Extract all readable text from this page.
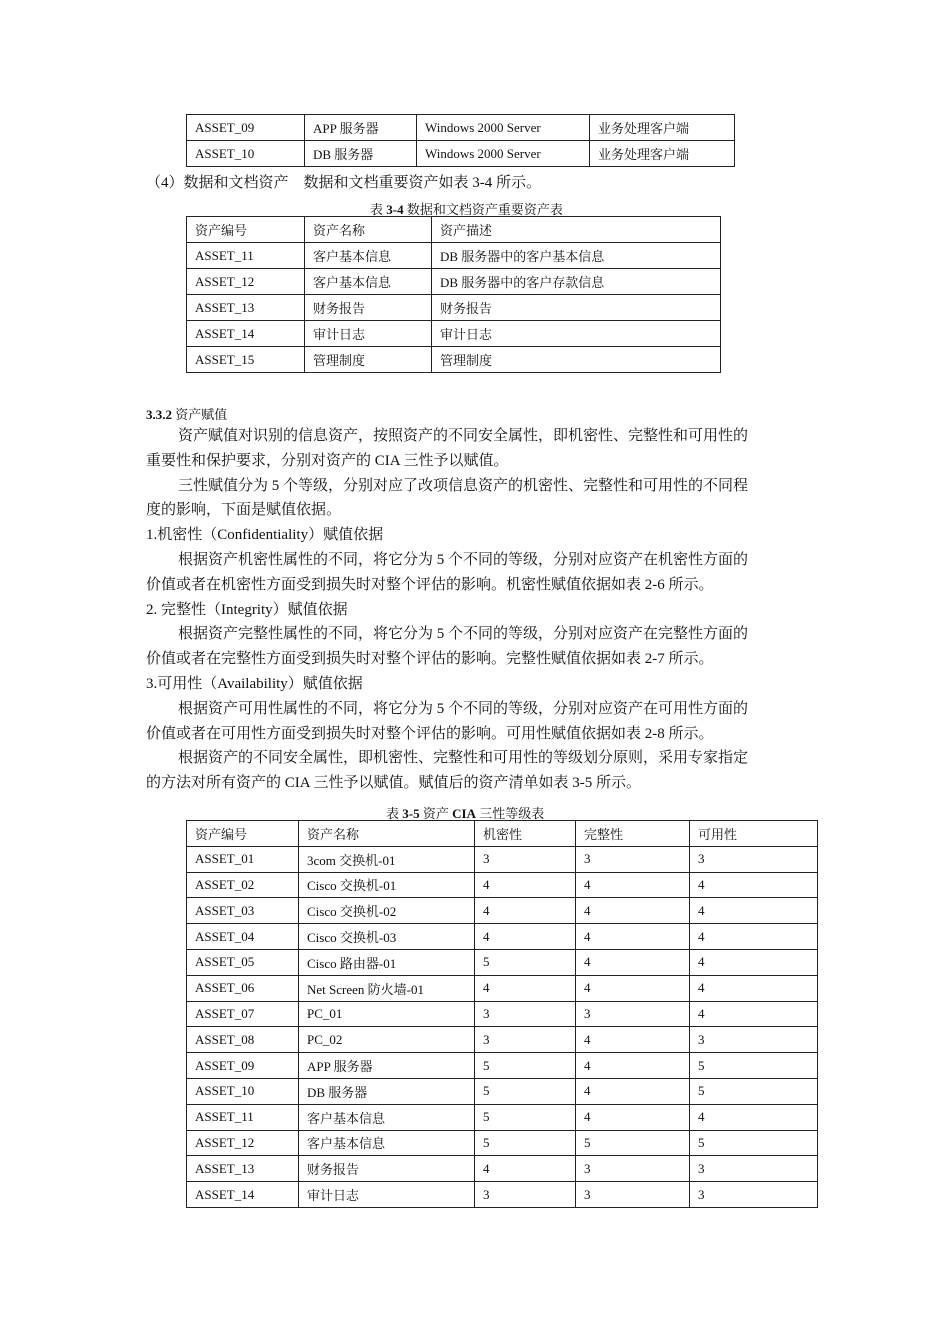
ASSET_09	APP 服务器	Windows 2000 Server	业务处理客户端
ASSET_10	DB 服务器	Windows 2000 Server	业务处理客户端
（4）数据和文档资产　数据和文档重要资产如表 3-4 所示。
表 3-4 数据和文档资产重要资产表
资产编号	资产名称	资产描述
ASSET_11	客户基本信息	DB 服务器中的客户基本信息
ASSET_12	客户基本信息	DB 服务器中的客户存款信息
ASSET_13	财务报告	财务报告
ASSET_14	审计日志	审计日志
ASSET_15	管理制度	管理制度
3.3.2 资产赋值
资产赋值对识别的信息资产，按照资产的不同安全属性，即机密性、完整性和可用性的
重要性和保护要求，分别对资产的 CIA 三性予以赋值。
三性赋值分为 5 个等级，分别对应了改项信息资产的机密性、完整性和可用性的不同程
度的影响，下面是赋值依据。
1.机密性（Confidentiality）赋值依据
根据资产机密性属性的不同，将它分为 5 个不同的等级，分别对应资产在机密性方面的
价值或者在机密性方面受到损失时对整个评估的影响。机密性赋值依据如表 2-6 所示。
2. 完整性（Integrity）赋值依据
根据资产完整性属性的不同，将它分为 5 个不同的等级，分别对应资产在完整性方面的
价值或者在完整性方面受到损失时对整个评估的影响。完整性赋值依据如表 2-7 所示。
3.可用性（Availability）赋值依据
根据资产可用性属性的不同，将它分为 5 个不同的等级，分别对应资产在可用性方面的
价值或者在可用性方面受到损失时对整个评估的影响。可用性赋值依据如表 2-8 所示。
根据资产的不同安全属性，即机密性、完整性和可用性的等级划分原则，采用专家指定
的方法对所有资产的 CIA 三性予以赋值。赋值后的资产清单如表 3-5 所示。
表 3-5 资产 CIA 三性等级表
资产编号	资产名称	机密性	完整性	可用性
ASSET_01	3com 交换机-01	3	3	3
ASSET_02	Cisco 交换机-01	4	4	4
ASSET_03	Cisco 交换机-02	4	4	4
ASSET_04	Cisco 交换机-03	4	4	4
ASSET_05	Cisco 路由器-01	5	4	4
ASSET_06	Net Screen 防火墙-01	4	4	4
ASSET_07	PC_01	3	3	4
ASSET_08	PC_02	3	4	3
ASSET_09	APP 服务器	5	4	5
ASSET_10	DB 服务器	5	4	5
ASSET_11	客户基本信息	5	4	4
ASSET_12	客户基本信息	5	5	5
ASSET_13	财务报告	4	3	3
ASSET_14	审计日志	3	3	3
